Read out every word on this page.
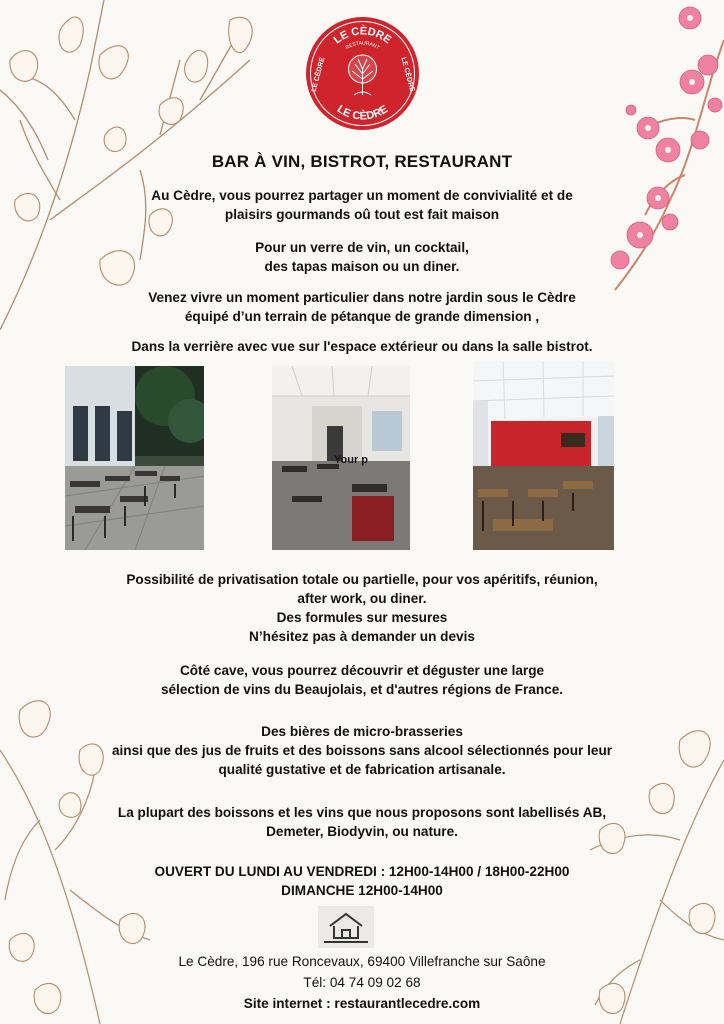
LE CÈDRE
RESTAURANT
LE CÈDRE
LE CÈDRE	LE CÈDRE
BAR À VIN, BISTROT, RESTAURANT
Au Cèdre, vous pourrez partager un moment de convivialité et de
plaisirs gourmands oû tout est fait maison
Pour un verre de vin, un cocktail,
des tapas maison ou un diner.
Venez vivre un moment particulier dans notre jardin sous le Cèdre
équipé d’un terrain de pétanque de grande dimension ,
Dans la verrière avec vue sur l'espace extérieur ou dans la salle bistrot.
Your p
Possibilité de privatisation totale ou partielle, pour vos apéritifs, réunion,
after work, ou diner.
Des formules sur mesures
N’hésitez pas à demander un devis
Côté cave, vous pourrez découvrir et déguster une large
sélection de vins du Beaujolais, et d'autres régions de France.
Des bières de micro-brasseries
ainsi que des jus de fruits et des boissons sans alcool sélectionnés pour leur
qualité gustative et de fabrication artisanale.
La plupart des boissons et les vins que nous proposons sont labellisés AB,
Demeter, Biodyvin, ou nature.
OUVERT DU LUNDI AU VENDREDI : 12H00-14H00 / 18H00-22H00
DIMANCHE 12H00-14H00
Le Cèdre, 196 rue Roncevaux, 69400 Villefranche sur Saône
Tél: 04 74 09 02 68
Site internet : restaurantlecedre.com
